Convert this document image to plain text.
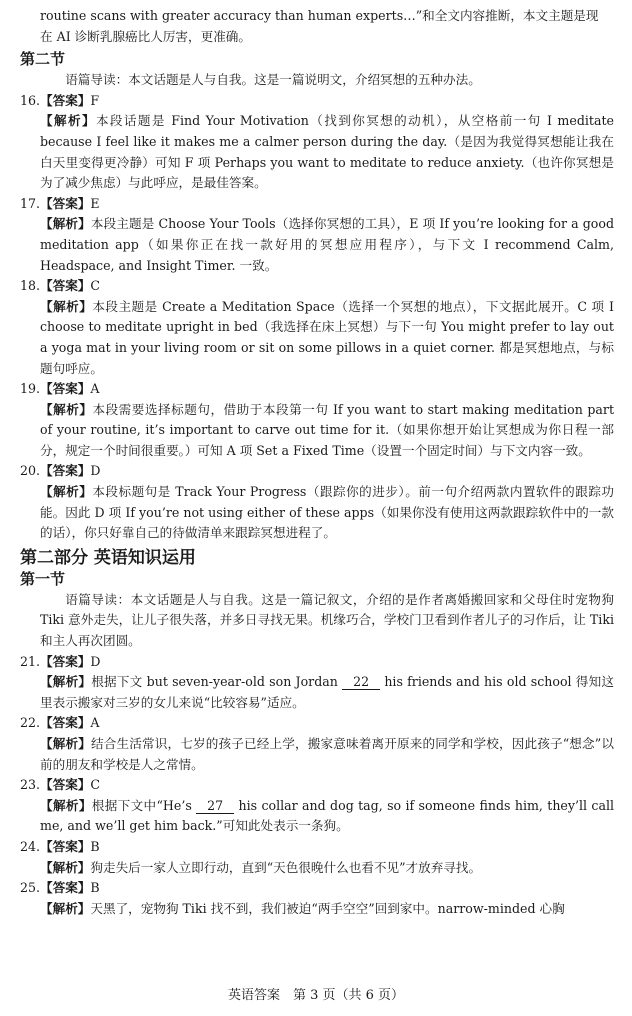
routine scans with greater accuracy than human experts…”和全文内容推断，本文主题是现

在 AI 诊断乳腺癌比人厉害，更准确。

第二节

语篇导读：本文话题是人与自我。这是一篇说明文，介绍冥想的五种办法。

16.【答案】F

【解析】本段话题是 Find Your Motivation（找到你冥想的动机），从空格前一句 I meditate because I feel like it makes me a calmer person during the day.（是因为我觉得冥想能让我在白天里变得更冷静）可知 F 项 Perhaps you want to meditate to reduce anxiety.（也许你冥想是为了减少焦虑）与此呼应，是最佳答案。

17.【答案】E

【解析】本段主题是 Choose Your Tools（选择你冥想的工具），E 项 If you’re looking for a good meditation app（如果你正在找一款好用的冥想应用程序），与下文 I recommend Calm, Headspace, and Insight Timer. 一致。

18.【答案】C

【解析】本段主题是 Create a Meditation Space（选择一个冥想的地点），下文据此展开。C 项 I choose to meditate upright in bed（我选择在床上冥想）与下一句 You might prefer to lay out a yoga mat in your living room or sit on some pillows in a quiet corner. 都是冥想地点，与标题句呼应。

19.【答案】A

【解析】本段需要选择标题句，借助于本段第一句 If you want to start making meditation part of your routine, it’s important to carve out time for it.（如果你想开始让冥想成为你日程一部分，规定一个时间很重要。）可知 A 项 Set a Fixed Time（设置一个固定时间）与下文内容一致。

20.【答案】D

【解析】本段标题句是 Track Your Progress（跟踪你的进步）。前一句介绍两款内置软件的跟踪功能。因此 D 项 If you’re not using either of these apps（如果你没有使用这两款跟踪软件中的一款的话），你只好靠自己的待做清单来跟踪冥想进程了。

第二部分 英语知识运用
第一节

语篇导读：本文话题是人与自我。这是一篇记叙文，介绍的是作者离婚搬回家和父母住时宠物狗 Tiki 意外走失，让儿子很失落，并多日寻找无果。机缘巧合，学校门卫看到作者儿子的习作后，让 Tiki 和主人再次团圆。

21.【答案】D

【解析】根据下文 but seven-year-old son Jordan 22 his friends and his old school 得知这里表示搬家对三岁的女儿来说“比较容易”适应。

22.【答案】A

【解析】结合生活常识，七岁的孩子已经上学，搬家意味着离开原来的同学和学校，因此孩子“想念”以前的朋友和学校是人之常情。

23.【答案】C

【解析】根据下文中“He’s 27 his collar and dog tag, so if someone finds him, they’ll call me, and we’ll get him back.”可知此处表示一条狗。

24.【答案】B

【解析】狗走失后一家人立即行动，直到“天色很晚什么也看不见”才放弃寻找。

25.【答案】B

【解析】天黑了，宠物狗 Tiki 找不到，我们被迫“两手空空”回到家中。narrow-minded 心胸

英语答案　第 3 页（共 6 页）
